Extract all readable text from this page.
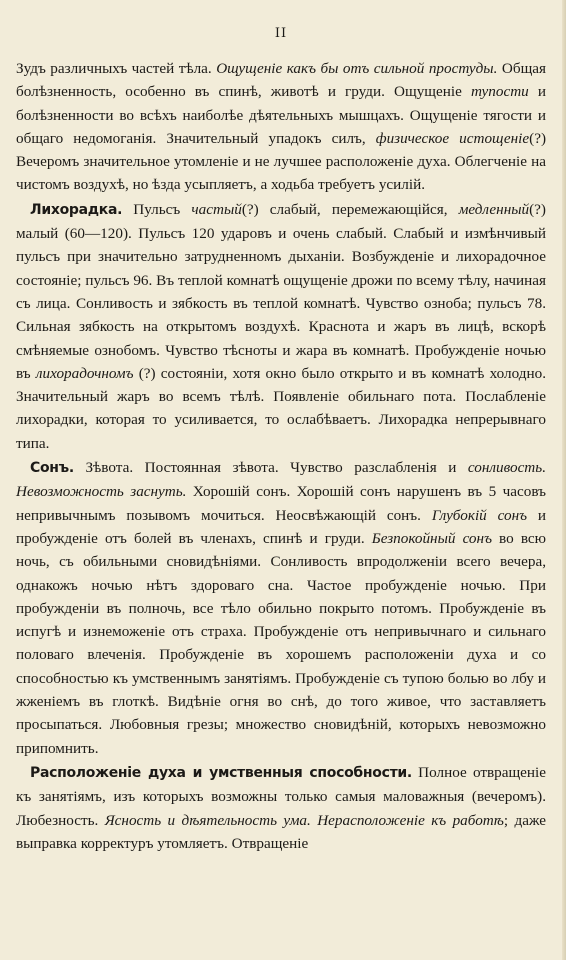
II

Зудъ различныхъ частей тѣла. Ощущеніе какъ бы отъ сильной простуды. Общая болѣзненность, особенно въ спинѣ, животѣ и груди. Ощущеніе тупости и болѣзненности во всѣхъ наиболѣе дѣятельныхъ мышцахъ. Ощущеніе тягости и общаго недомоганія. Значительный упадокъ силъ, физическое истощеніе(?) Вечеромъ значительное утомленіе и не лучшее расположеніе духа. Облегченіе на чистомъ воздухѣ, но ѣзда усыпляетъ, а ходьба требуетъ усилій.

Лихорадка. Пульсъ частый(?) слабый, перемежающійся, медленный(?) малый (60—120). Пульсъ 120 ударовъ и очень слабый. Слабый и измѣнчивый пульсъ при значительно затрудненномъ дыханіи. Возбужденіе и лихорадочное состояніе; пульсъ 96. Въ теплой комнатѣ ощущеніе дрожи по всему тѣлу, начиная съ лица. Сонливость и зябкость въ теплой комнатѣ. Чувство озноба; пульсъ 78. Сильная зябкость на открытомъ воздухѣ. Краснота и жаръ въ лицѣ, вскорѣ смѣняемые ознобомъ. Чувство тѣсноты и жара въ комнатѣ. Пробужденіе ночью въ лихорадочномъ (?) состояніи, хотя окно было открыто и въ комнатѣ холодно. Значительный жаръ во всемъ тѣлѣ. Появленіе обильнаго пота. Послабленіе лихорадки, которая то усиливается, то ослабѣваетъ. Лихорадка непрерывнаго типа.

Сонъ. Зѣвота. Постоянная зѣвота. Чувство разслабленія и сонливость. Невозможность заснуть. Хорошій сонъ. Хорошій сонъ нарушенъ въ 5 часовъ непривычнымъ позывомъ мочиться. Неосвѣжающій сонъ. Глубокій сонъ и пробужденіе отъ болей въ членахъ, спинѣ и груди. Безпокойный сонъ во всю ночь, съ обильными сновидѣніями. Сонливость впродолженіи всего вечера, однакожъ ночью нѣтъ здороваго сна. Частое пробужденіе ночью. При пробужденіи въ полночь, все тѣло обильно покрыто потомъ. Пробужденіе въ испугѣ и изнеможеніе отъ страха. Пробужденіе отъ непривычнаго и сильнаго половаго влеченія. Пробужденіе въ хорошемъ расположеніи духа и со способностью къ умственнымъ занятіямъ. Пробужденіе съ тупою болью во лбу и жженіемъ въ глоткѣ. Видѣніе огня во снѣ, до того живое, что заставляетъ просыпаться. Любовныя грезы; множество сновидѣній, которыхъ невозможно припомнить.

Расположеніе духа и умственныя способности. Полное отвращеніе къ занятіямъ, изъ которыхъ возможны только самыя маловажныя (вечеромъ). Любезность. Ясность и дѣятельность ума. Нерасположеніе къ работѣ; даже выправка корректуръ утомляетъ. Отвращеніе
